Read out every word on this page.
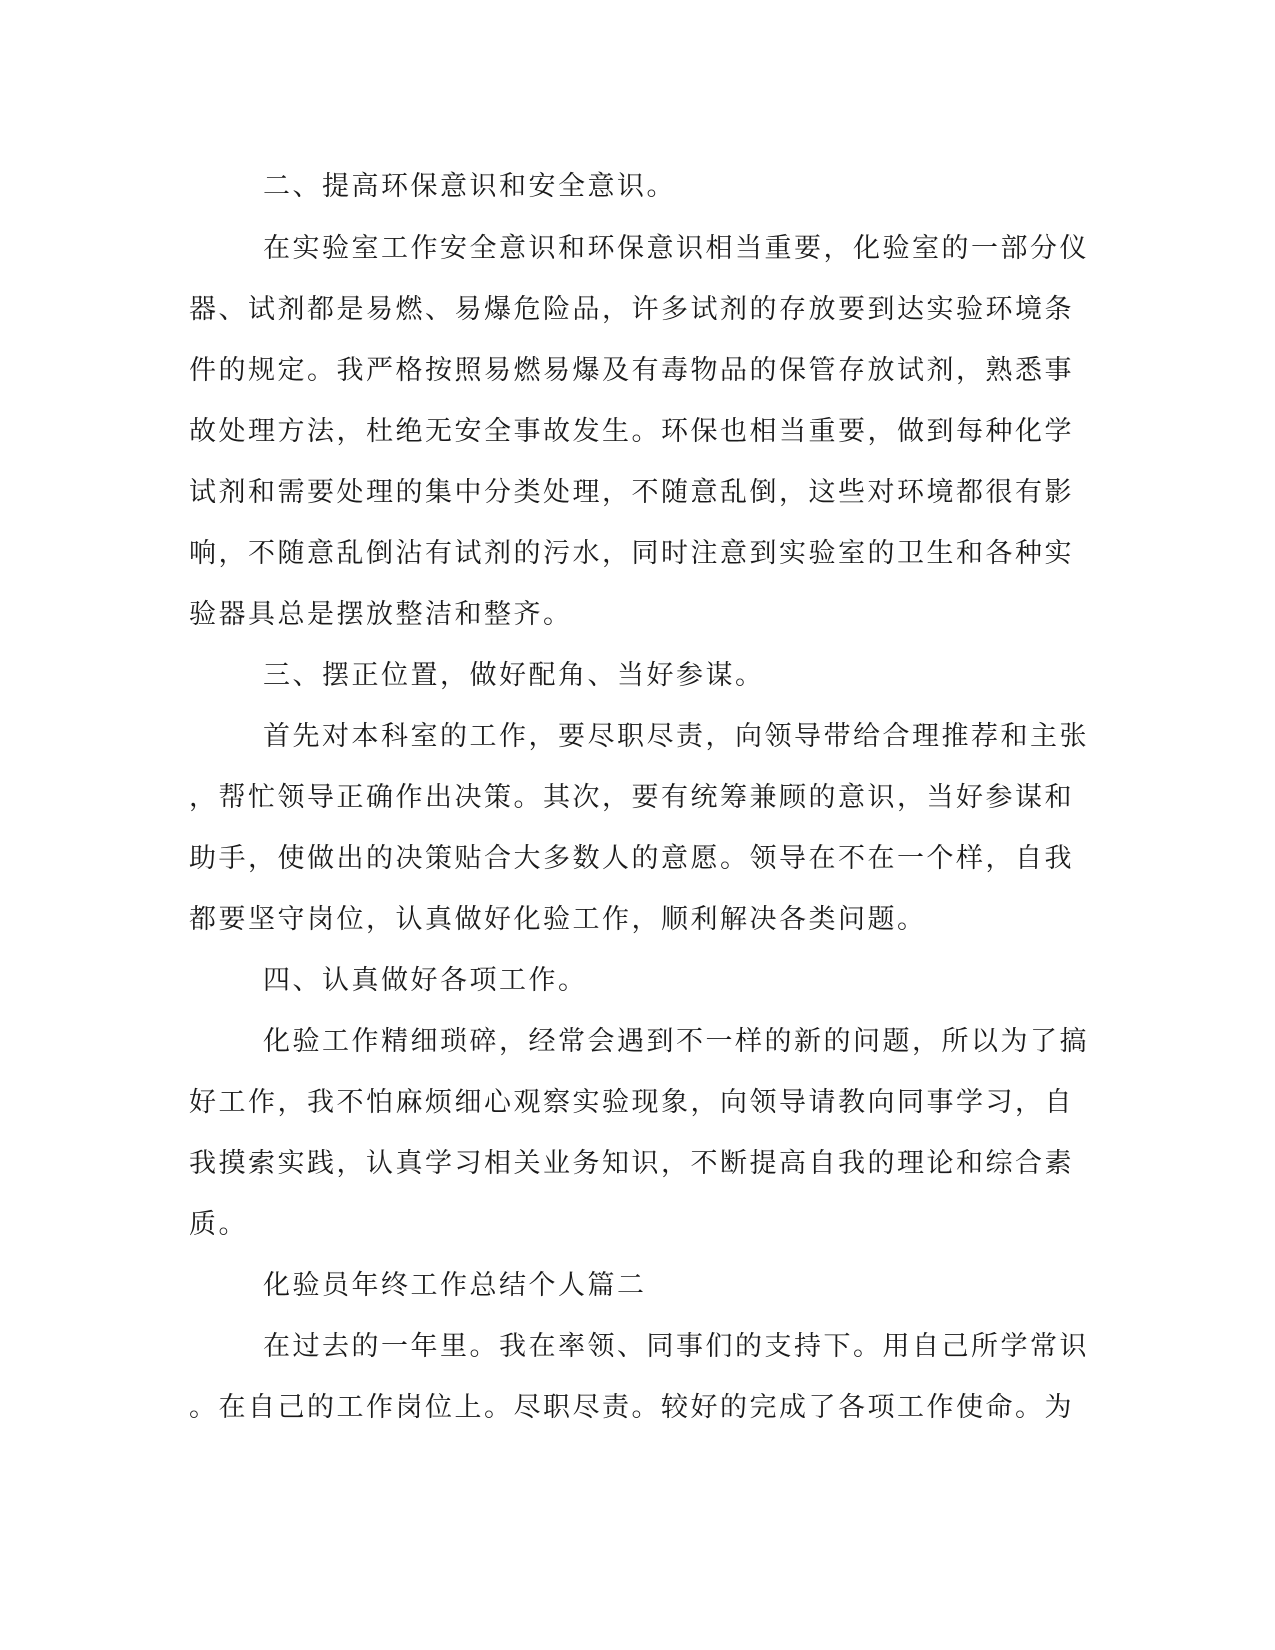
二、提高环保意识和安全意识。
在实验室工作安全意识和环保意识相当重要，化验室的一部分仪
器、试剂都是易燃、易爆危险品，许多试剂的存放要到达实验环境条
件的规定。我严格按照易燃易爆及有毒物品的保管存放试剂，熟悉事
故处理方法，杜绝无安全事故发生。环保也相当重要，做到每种化学
试剂和需要处理的集中分类处理，不随意乱倒，这些对环境都很有影
响，不随意乱倒沾有试剂的污水，同时注意到实验室的卫生和各种实
验器具总是摆放整洁和整齐。
三、摆正位置，做好配角、当好参谋。
首先对本科室的工作，要尽职尽责，向领导带给合理推荐和主张
，帮忙领导正确作出决策。其次，要有统筹兼顾的意识，当好参谋和
助手，使做出的决策贴合大多数人的意愿。领导在不在一个样，自我
都要坚守岗位，认真做好化验工作，顺利解决各类问题。
四、认真做好各项工作。
化验工作精细琐碎，经常会遇到不一样的新的问题，所以为了搞
好工作，我不怕麻烦细心观察实验现象，向领导请教向同事学习，自
我摸索实践，认真学习相关业务知识，不断提高自我的理论和综合素
质。
化验员年终工作总结个人篇二
在过去的一年里。我在率领、同事们的支持下。用自己所学常识
。在自己的工作岗位上。尽职尽责。较好的完成了各项工作使命。为
